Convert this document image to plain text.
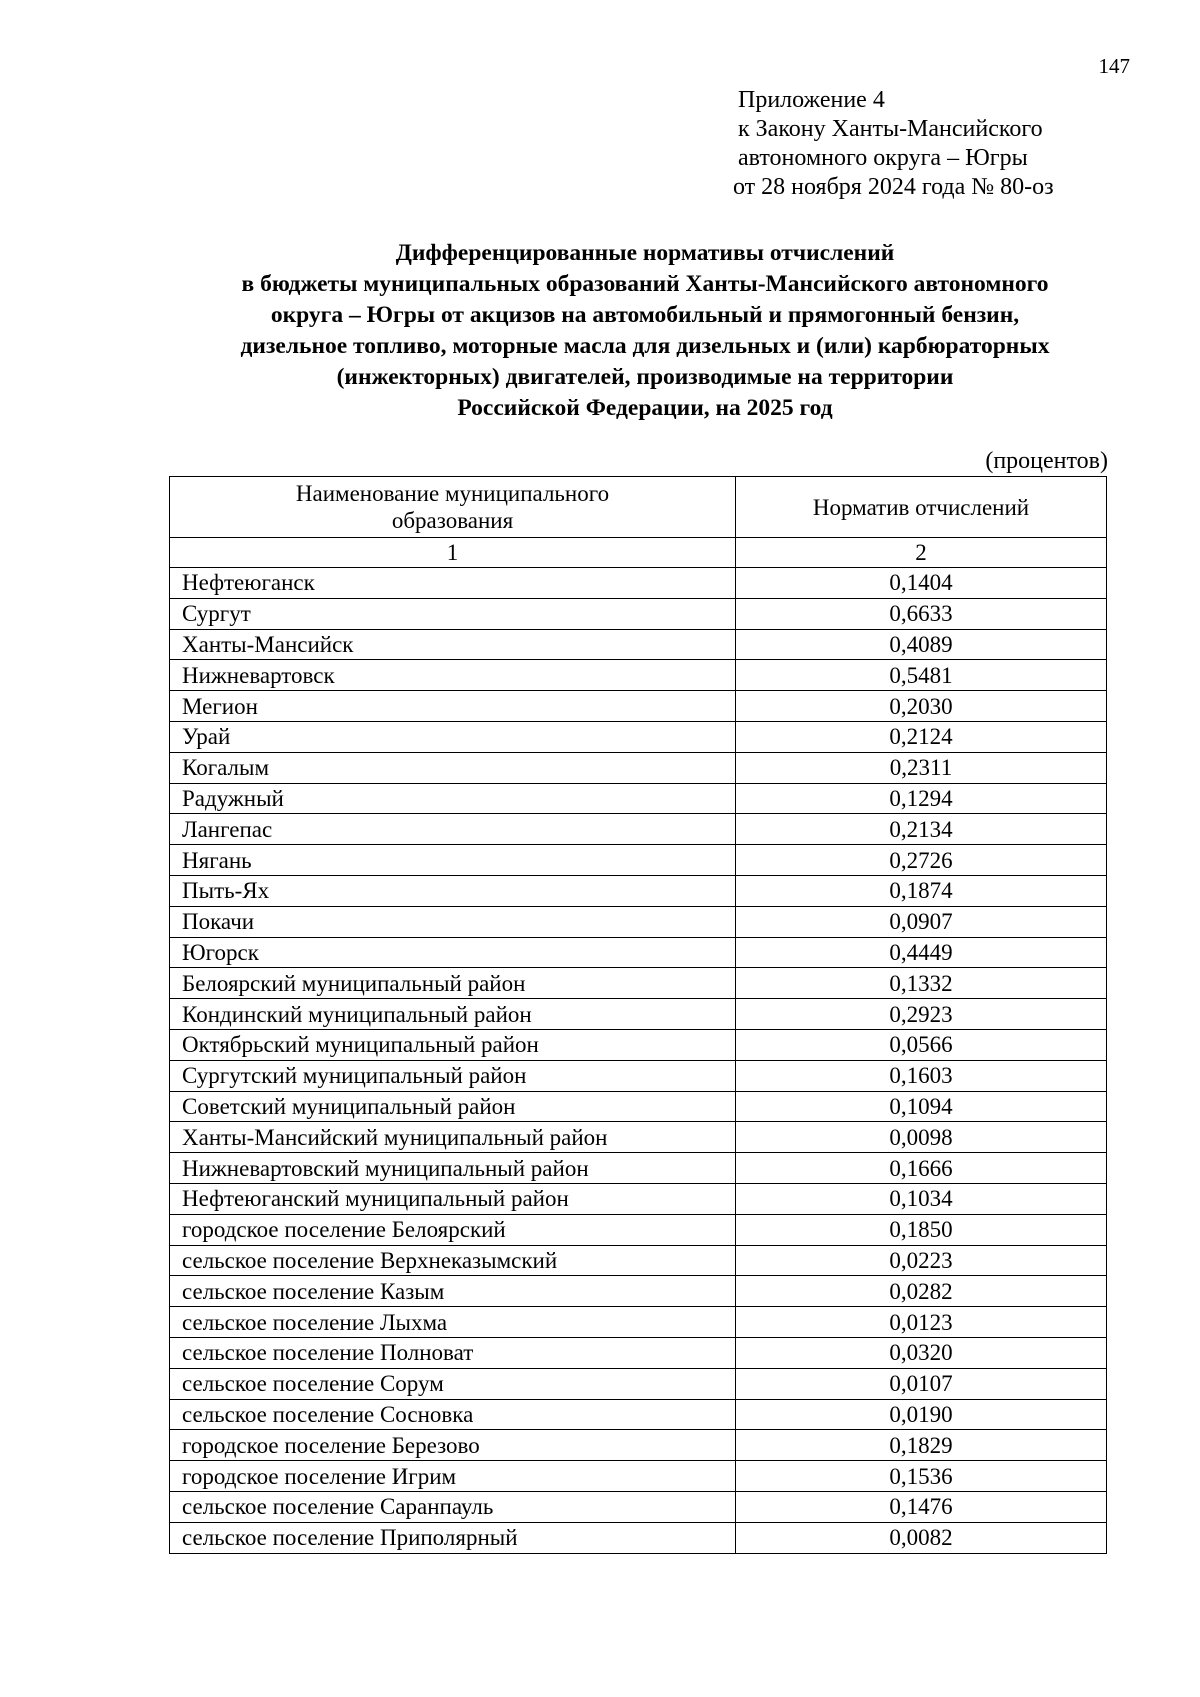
147
Приложение 4
к Закону Ханты-Мансийского
автономного округа – Югры
от 28 ноября 2024 года № 80-оз
Дифференцированные нормативы отчислений
в бюджеты муниципальных образований Ханты-Мансийского автономного
округа – Югры от акцизов на автомобильный и прямогонный бензин,
дизельное топливо, моторные масла для дизельных и (или) карбюраторных
(инжекторных) двигателей, производимые на территории
Российской Федерации, на 2025 год
(процентов)
Наименование муниципального
образования	Норматив отчислений
1	2
Нефтеюганск	0,1404
Сургут	0,6633
Ханты-Мансийск	0,4089
Нижневартовск	0,5481
Мегион	0,2030
Урай	0,2124
Когалым	0,2311
Радужный	0,1294
Лангепас	0,2134
Нягань	0,2726
Пыть-Ях	0,1874
Покачи	0,0907
Югорск	0,4449
Белоярский муниципальный район	0,1332
Кондинский муниципальный район	0,2923
Октябрьский муниципальный район	0,0566
Сургутский муниципальный район	0,1603
Советский муниципальный район	0,1094
Ханты-Мансийский муниципальный район	0,0098
Нижневартовский муниципальный район	0,1666
Нефтеюганский муниципальный район	0,1034
городское поселение Белоярский	0,1850
сельское поселение Верхнеказымский	0,0223
сельское поселение Казым	0,0282
сельское поселение Лыхма	0,0123
сельское поселение Полноват	0,0320
сельское поселение Сорум	0,0107
сельское поселение Сосновка	0,0190
городское поселение Березово	0,1829
городское поселение Игрим	0,1536
сельское поселение Саранпауль	0,1476
сельское поселение Приполярный	0,0082
